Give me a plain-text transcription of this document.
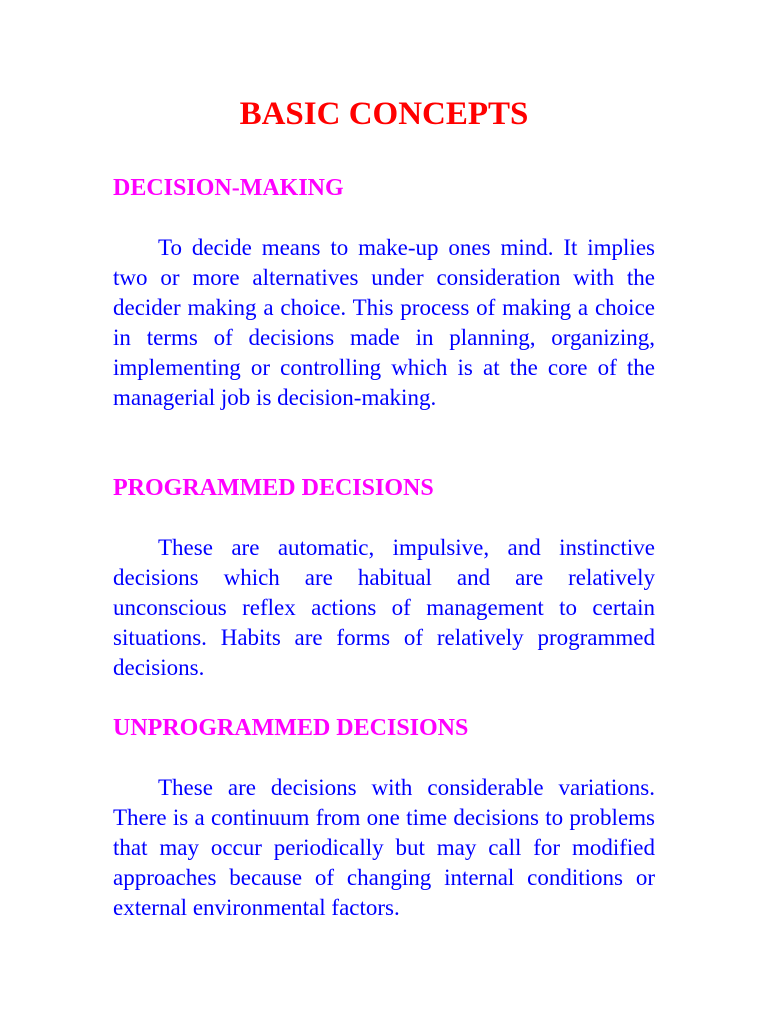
BASIC CONCEPTS
DECISION-MAKING

To decide means to make-up ones mind. It implies two or more alternatives under consideration with the decider making a choice. This process of making a choice in terms of decisions made in planning, organizing, implementing or controlling which is at the core of the managerial job is decision-making.

PROGRAMMED DECISIONS

These are automatic, impulsive, and instinctive decisions which are habitual and are relatively unconscious reflex actions of management to certain situations. Habits are forms of relatively programmed decisions.

UNPROGRAMMED DECISIONS

These are decisions with considerable variations. There is a continuum from one time decisions to problems that may occur periodically but may call for modified approaches because of changing internal conditions or external environmental factors.
